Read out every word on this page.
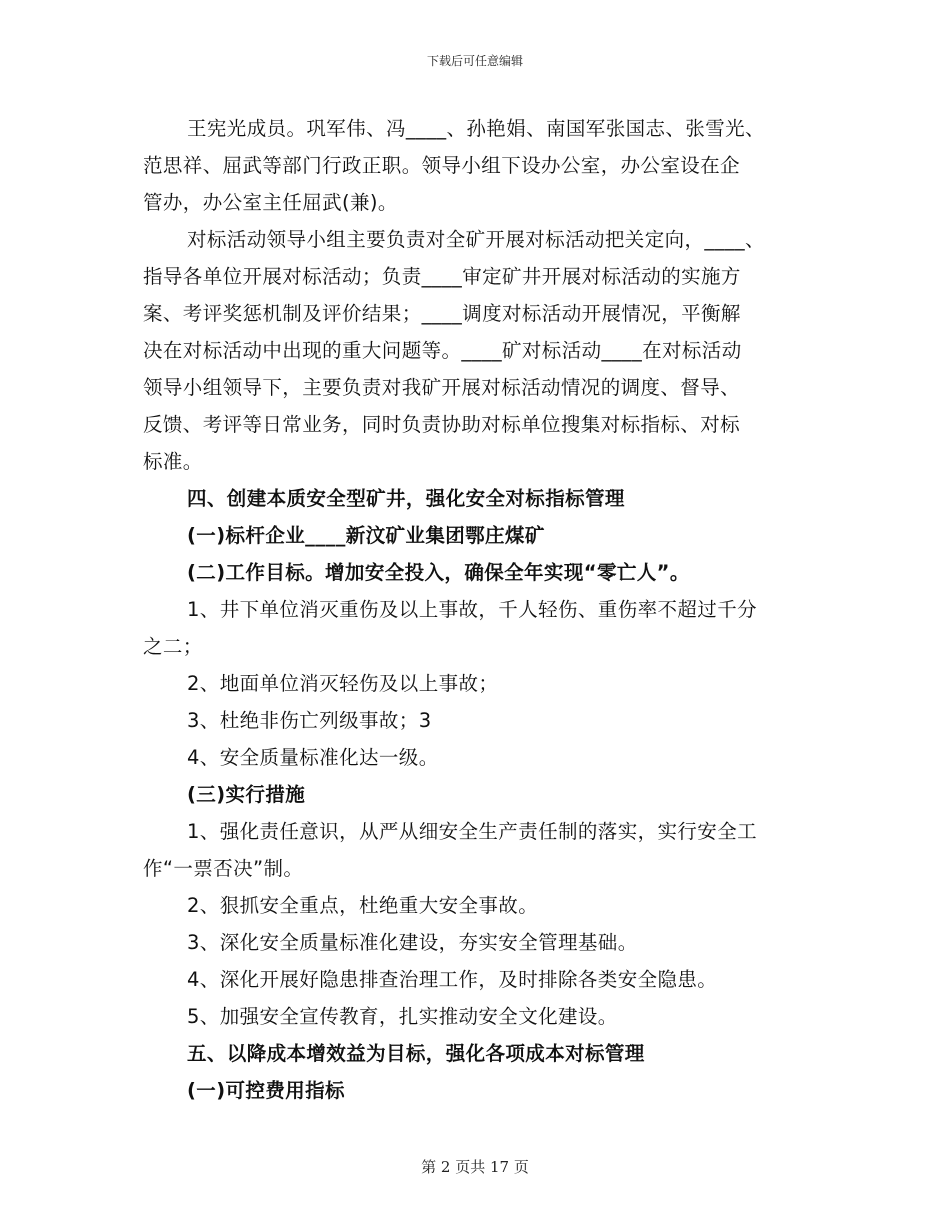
下载后可任意编辑

王宪光成员。巩军伟、冯____、孙艳娟、南国军张国志、张雪光、

范思祥、屈武等部门行政正职。领导小组下设办公室，办公室设在企

管办，办公室主任屈武(兼)。

对标活动领导小组主要负责对全矿开展对标活动把关定向，____、

指导各单位开展对标活动；负责____审定矿井开展对标活动的实施方

案、考评奖惩机制及评价结果；____调度对标活动开展情况，平衡解

决在对标活动中出现的重大问题等。____矿对标活动____在对标活动

领导小组领导下，主要负责对我矿开展对标活动情况的调度、督导、

反馈、考评等日常业务，同时负责协助对标单位搜集对标指标、对标

标准。

四、创建本质安全型矿井，强化安全对标指标管理

(一)标杆企业____新汶矿业集团鄂庄煤矿

(二)工作目标。增加安全投入，确保全年实现“零亡人”。

1、井下单位消灭重伤及以上事故，千人轻伤、重伤率不超过千分

之二；

2、地面单位消灭轻伤及以上事故；

3、杜绝非伤亡列级事故；3

4、安全质量标准化达一级。

(三)实行措施

1、强化责任意识，从严从细安全生产责任制的落实，实行安全工

作“一票否决”制。

2、狠抓安全重点，杜绝重大安全事故。

3、深化安全质量标准化建设，夯实安全管理基础。

4、深化开展好隐患排查治理工作，及时排除各类安全隐患。

5、加强安全宣传教育，扎实推动安全文化建设。

五、以降成本增效益为目标，强化各项成本对标管理

(一)可控费用指标

第 2 页共 17 页
